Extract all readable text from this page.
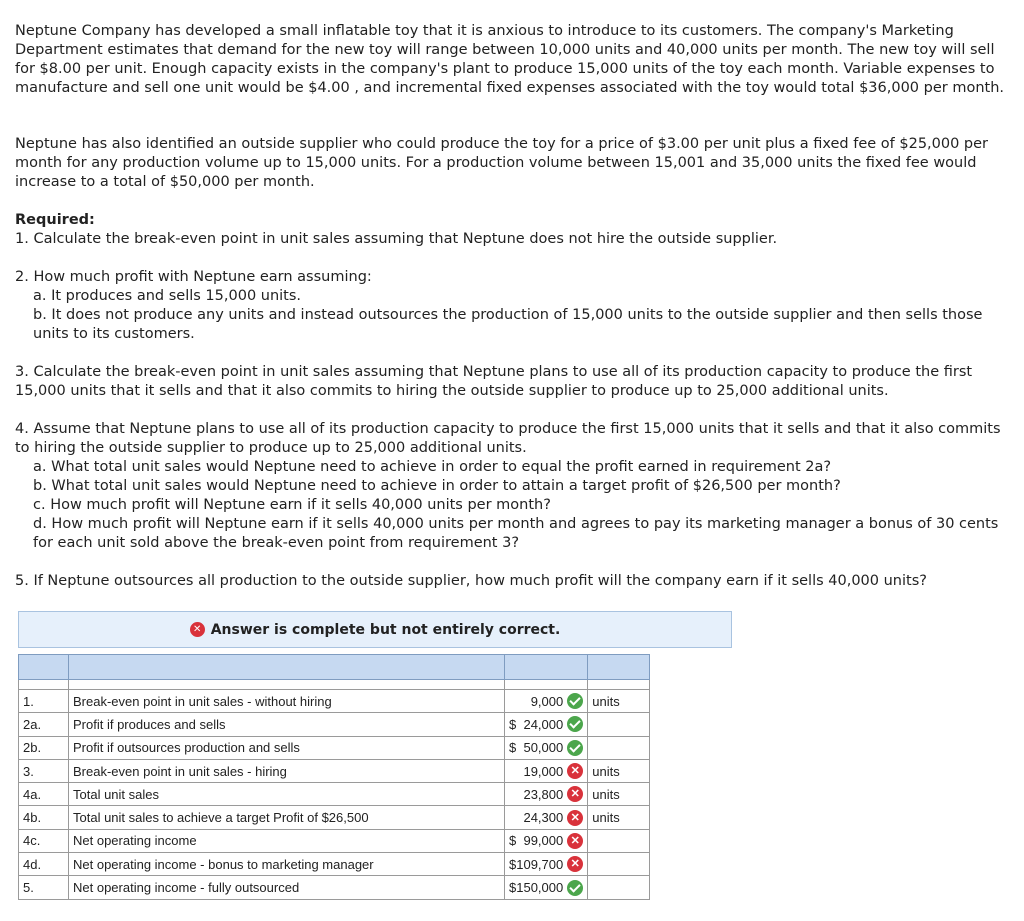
Neptune Company has developed a small inflatable toy that it is anxious to introduce to its customers. The company's Marketing Department estimates that demand for the new toy will range between 10,000 units and 40,000 units per month. The new toy will sell for $8.00 per unit. Enough capacity exists in the company's plant to produce 15,000 units of the toy each month. Variable expenses to manufacture and sell one unit would be $4.00 , and incremental fixed expenses associated with the toy would total $36,000 per month.

Neptune has also identified an outside supplier who could produce the toy for a price of $3.00 per unit plus a fixed fee of $25,000 per month for any production volume up to 15,000 units. For a production volume between 15,001 and 35,000 units the fixed fee would increase to a total of $50,000 per month.

Required:

1. Calculate the break-even point in unit sales assuming that Neptune does not hire the outside supplier.

2. How much profit with Neptune earn assuming:

a. It produces and sells 15,000 units.

b. It does not produce any units and instead outsources the production of 15,000 units to the outside supplier and then sells those units to its customers.

3. Calculate the break-even point in unit sales assuming that Neptune plans to use all of its production capacity to produce the first 15,000 units that it sells and that it also commits to hiring the outside supplier to produce up to 25,000 additional units.

4. Assume that Neptune plans to use all of its production capacity to produce the first 15,000 units that it sells and that it also commits to hiring the outside supplier to produce up to 25,000 additional units.

a. What total unit sales would Neptune need to achieve in order to equal the profit earned in requirement 2a?

b. What total unit sales would Neptune need to achieve in order to attain a target profit of $26,500 per month?

c. How much profit will Neptune earn if it sells 40,000 units per month?

d. How much profit will Neptune earn if it sells 40,000 units per month and agrees to pay its marketing manager a bonus of 30 cents for each unit sold above the break-even point from requirement 3?

5. If Neptune outsources all production to the outside supplier, how much profit will the company earn if it sells 40,000 units?

✕ Answer is complete but not entirely correct.

1.	Break-even point in unit sales - without hiring	9,000	units
2a.	Profit if produces and sells	$ 24,000	

2b.	Profit if outsources production and sells	$ 50,000	

3.	Break-even point in unit sales - hiring	19,000 ✕	units
4a.	Total unit sales	23,800 ✕	units
4b.	Total unit sales to achieve a target Profit of $26,500	24,300 ✕	units
4c.	Net operating income	$ 99,000 ✕	

4d.	Net operating income - bonus to marketing manager	$ 109,700 ✕	

5.	Net operating income - fully outsourced	$ 150,000	
